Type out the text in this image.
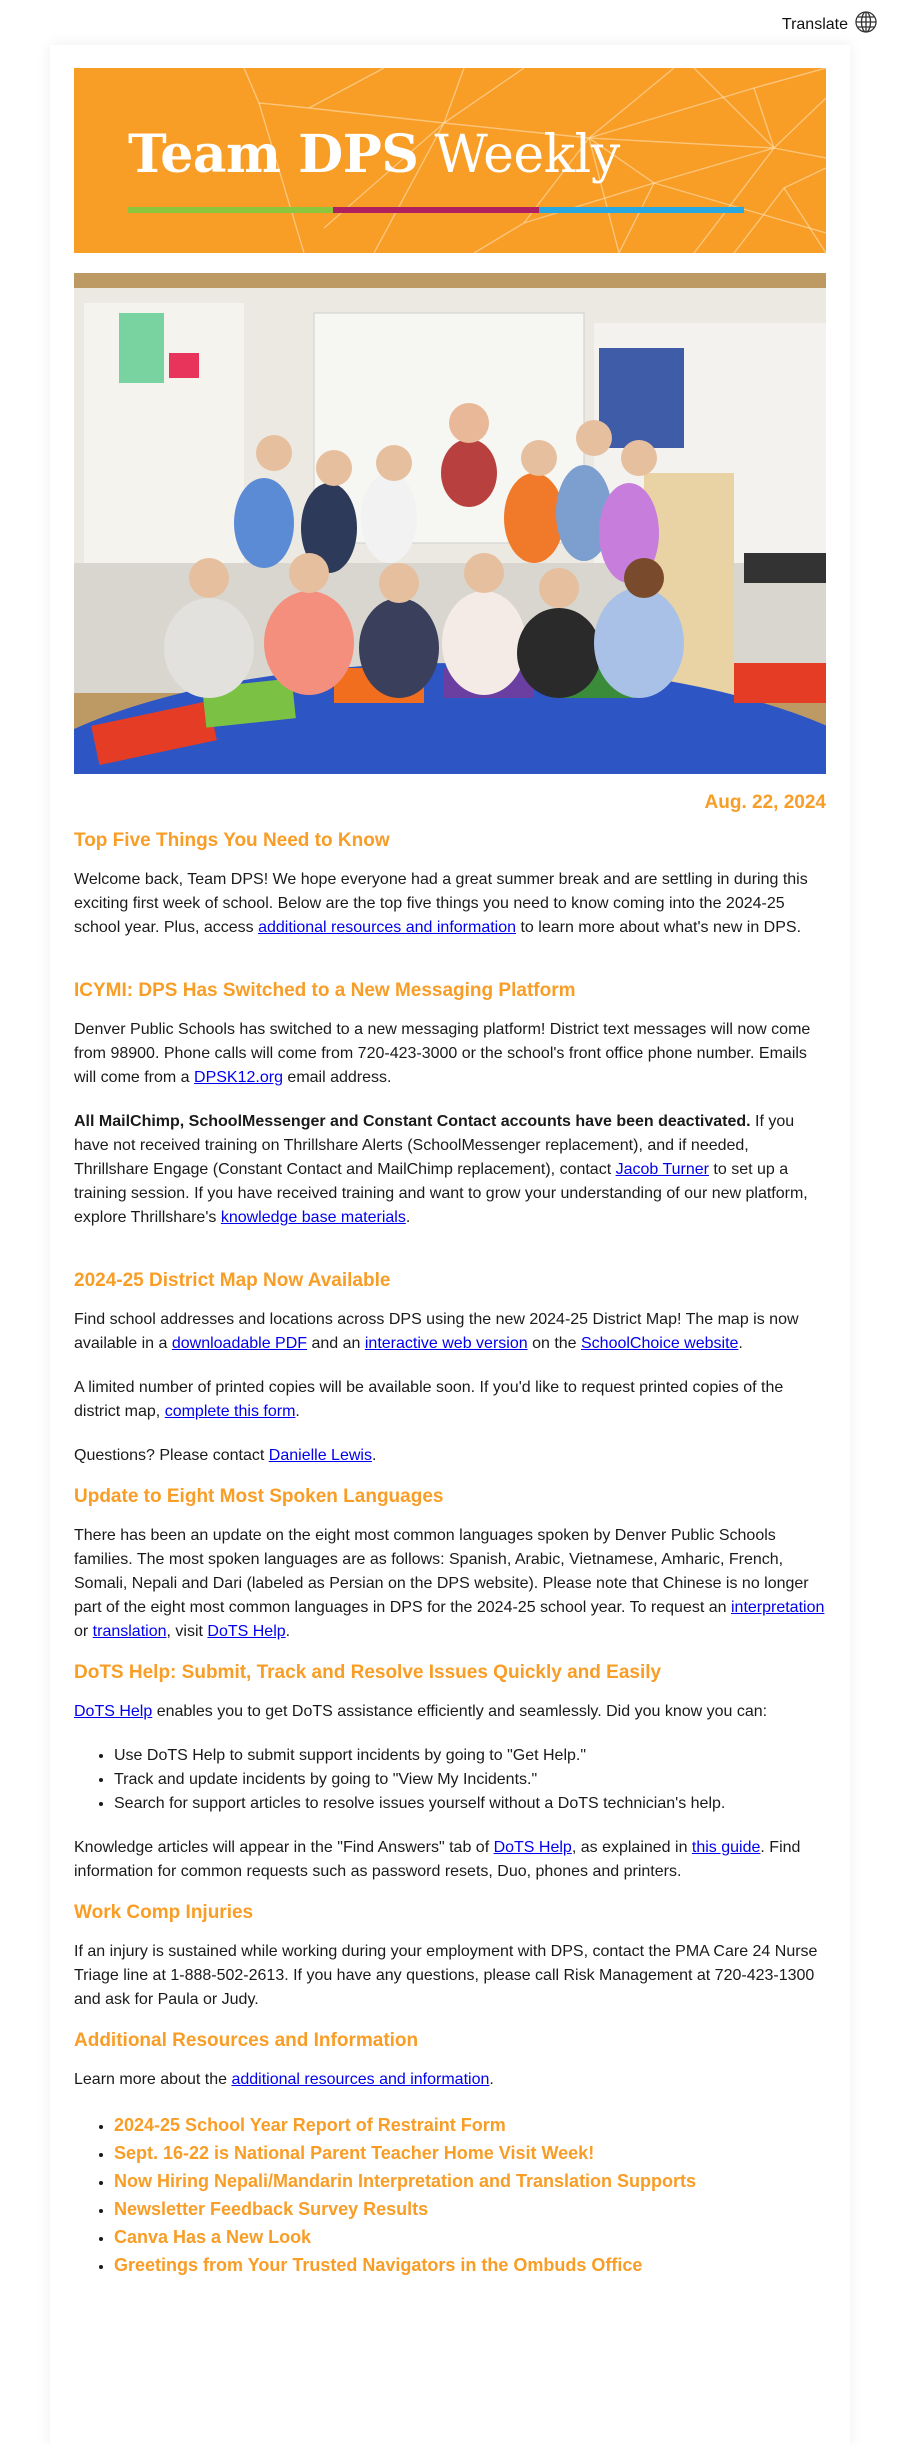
Translate
Team DPS Weekly
Aug. 22, 2024
Top Five Things You Need to Know

Welcome back, Team DPS! We hope everyone had a great summer break and are settling in during this exciting first week of school. Below are the top five things you need to know coming into the 2024-25 school year. Plus, access additional resources and information to learn more about what's new in DPS.

ICYMI: DPS Has Switched to a New Messaging Platform

Denver Public Schools has switched to a new messaging platform! District text messages will now come from 98900. Phone calls will come from 720-423-3000 or the school's front office phone number. Emails will come from a DPSK12.org email address.

All MailChimp, SchoolMessenger and Constant Contact accounts have been deactivated. If you have not received training on Thrillshare Alerts (SchoolMessenger replacement), and if needed, Thrillshare Engage (Constant Contact and MailChimp replacement), contact Jacob Turner to set up a training session. If you have received training and want to grow your understanding of our new platform, explore Thrillshare's knowledge base materials.

2024-25 District Map Now Available

Find school addresses and locations across DPS using the new 2024-25 District Map! The map is now available in a downloadable PDF and an interactive web version on the SchoolChoice website.

A limited number of printed copies will be available soon. If you'd like to request printed copies of the district map, complete this form.

Questions? Please contact Danielle Lewis.

Update to Eight Most Spoken Languages

There has been an update on the eight most common languages spoken by Denver Public Schools families. The most spoken languages are as follows: Spanish, Arabic, Vietnamese, Amharic, French, Somali, Nepali and Dari (labeled as Persian on the DPS website). Please note that Chinese is no longer part of the eight most common languages in DPS for the 2024-25 school year. To request an interpretation or translation, visit DoTS Help.

DoTS Help: Submit, Track and Resolve Issues Quickly and Easily

DoTS Help enables you to get DoTS assistance efficiently and seamlessly. Did you know you can:

• Use DoTS Help to submit support incidents by going to "Get Help."
• Track and update incidents by going to "View My Incidents."
• Search for support articles to resolve issues yourself without a DoTS technician's help.

Knowledge articles will appear in the "Find Answers" tab of DoTS Help, as explained in this guide. Find information for common requests such as password resets, Duo, phones and printers.

Work Comp Injuries

If an injury is sustained while working during your employment with DPS, contact the PMA Care 24 Nurse Triage line at 1-888-502-2613. If you have any questions, please call Risk Management at 720-423-1300 and ask for Paula or Judy.

Additional Resources and Information

Learn more about the additional resources and information.

• 2024-25 School Year Report of Restraint Form
• Sept. 16-22 is National Parent Teacher Home Visit Week!
• Now Hiring Nepali/Mandarin Interpretation and Translation Supports
• Newsletter Feedback Survey Results
• Canva Has a New Look
• Greetings from Your Trusted Navigators in the Ombuds Office
